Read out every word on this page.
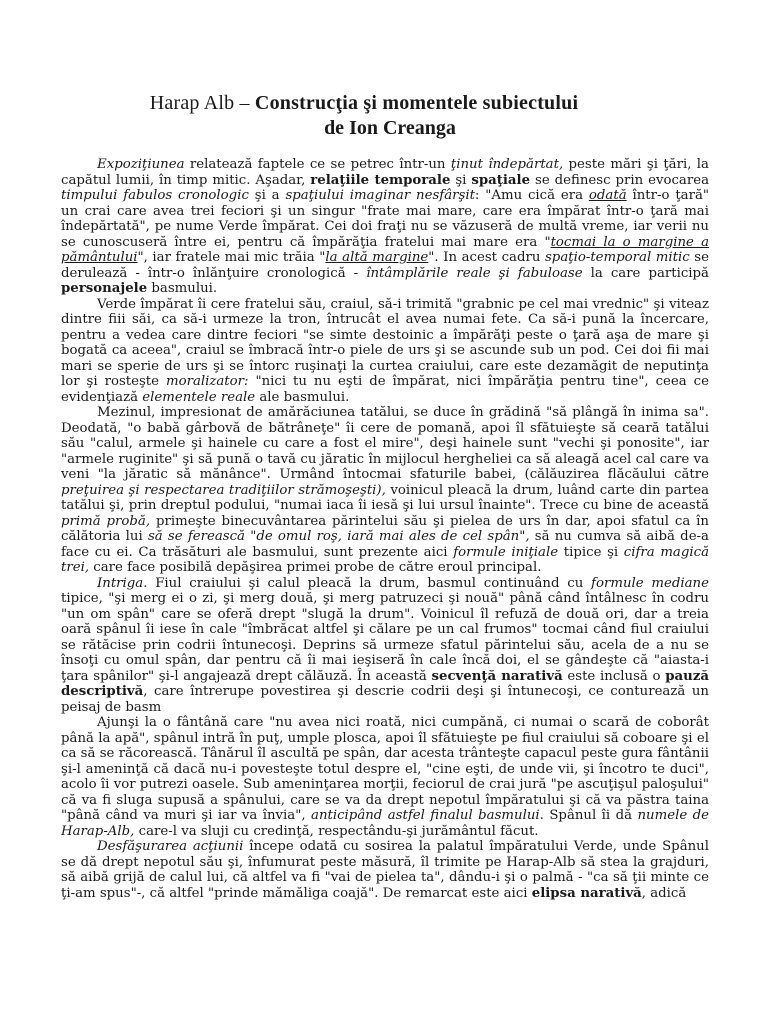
Harap Alb – Construcţia şi momentele subiectului
de Ion Creanga

Expoziţiunea relatează faptele ce se petrec într-un ţinut îndepărtat, peste mări şi ţări, la capătul lumii, în timp mitic. Aşadar, relaţiile temporale şi spaţiale se definesc prin evocarea timpului fabulos cronologic şi a spaţiului imaginar nesfârşit: "Amu cică era odată într-o ţară" un crai care avea trei feciori şi un singur "frate mai mare, care era împărat într-o ţară mai îndepărtată", pe nume Verde împărat. Cei doi fraţi nu se văzuseră de multă vreme, iar verii nu se cunoscuseră între ei, pentru că împărăţia fratelui mai mare era "tocmai la o margine a pământului", iar fratele mai mic trăia "la altă margine". In acest cadru spaţio-temporal mitic se derulează - într-o înlănţuire cronologică - întâmplările reale şi fabuloase la care participă personajele basmului.

Verde împărat îi cere fratelui său, craiul, să-i trimită "grabnic pe cel mai vrednic" şi viteaz dintre fiii săi, ca să-i urmeze la tron, întrucât el avea numai fete. Ca să-i pună la încercare, pentru a vedea care dintre feciori "se simte destoinic a împărăţi peste o ţară aşa de mare şi bogată ca aceea", craiul se îmbracă într-o piele de urs şi se ascunde sub un pod. Cei doi fii mai mari se sperie de urs şi se întorc ruşinaţi la curtea craiului, care este dezamăgit de neputinţa lor şi rosteşte moralizator: "nici tu nu eşti de împărat, nici împărăţia pentru tine", ceea ce evidenţiază elementele reale ale basmului.

Mezinul, impresionat de amărăciunea tatălui, se duce în grădină "să plângă în inima sa". Deodată, "o babă gârbovă de bătrâneţe" îi cere de pomană, apoi îl sfătuieşte să ceară tatălui său "calul, armele şi hainele cu care a fost el mire", deşi hainele sunt "vechi şi ponosite", iar "armele ruginite" şi să pună o tavă cu jăratic în mijlocul herghelieі ca să aleagă acel cal care va veni "la jăratic să mănânce". Urmând întocmai sfaturile babei, (călăuzirea flăcăului către preţuirea şi respectarea tradiţiilor strămoşeşti), voinicul pleacă la drum, luând carte din partea tatălui şi, prin dreptul podului, "numai iaca îi iesă şi lui ursul înainte". Trece cu bine de această primă probă, primeşte binecuvântarea părintelui său şi pielea de urs în dar, apoi sfatul ca în călătoria lui să se ferească "de omul roş, iară mai ales de cel spân", să nu cumva să aibă de-a face cu ei. Ca trăsături ale basmului, sunt prezente aici formule iniţiale tipice şi cifra magică trei, care face posibilă depăşirea primei probe de către eroul principal.

Intriga. Fiul craiului şi calul pleacă la drum, basmul continuând cu formule mediane tipice, "şi merg ei o zi, şi merg două, şi merg patruzeci şi nouă" până când întâlnesc în codru "un om spân" care se oferă drept "slugă la drum". Voinicul îl refuză de două ori, dar a treia oară spânul îi iese în cale "îmbrăcat altfel şi călare pe un cal frumos" tocmai când fiul craiului se rătăcise prin codrii întunecoşi. Deprins să urmeze sfatul părintelui său, acela de a nu se însoţi cu omul spân, dar pentru că îi mai ieşiseră în cale încă doi, el se gândeşte că "aiasta-i ţara spânilor" şi-l angajează drept călăuză. În această secvenţă narativă este inclusă o pauză descriptivă, care întrerupe povestirea şi descrie codrii deşi şi întunecoşi, ce conturează un peisaj de basm

Ajunşi la o fântână care "nu avea nici roată, nici cumpănă, ci numai o scară de coborât până la apă", spânul intră în puţ, umple plosca, apoi îl sfătuieşte pe fiul craiului să coboare şi el ca să se răcorească. Tânărul îl ascultă pe spân, dar acesta trânteşte capacul peste gura fântânii şi-l ameninţă că dacă nu-i povesteşte totul despre el, "cine eşti, de unde vii, şi încotro te duci", acolo îi vor putrezi oasele. Sub ameninţarea morţii, feciorul de crai jură "pe ascuţişul paloşului" că va fi sluga supusă a spânului, care se va da drept nepotul împăratului şi că va păstra taina "până când va muri şi iar va învia", anticipând astfel finalul basmului. Spânul îi dă numele de Harap-Alb, care-l va sluji cu credinţă, respectându-şi jurământul făcut.

Desfăşurarea acţiunii începe odată cu sosirea la palatul împăratului Verde, unde Spânul se dă drept nepotul său şi, înfumurat peste măsură, îl trimite pe Harap-Alb să stea la grajduri, să aibă grijă de calul lui, că altfel va fi "vai de pielea ta", dându-i şi o palmă - "ca să ţii minte ce ţi-am spus"-, că altfel "prinde mămăliga coajă". De remarcat este aici elipsa narativă, adică
